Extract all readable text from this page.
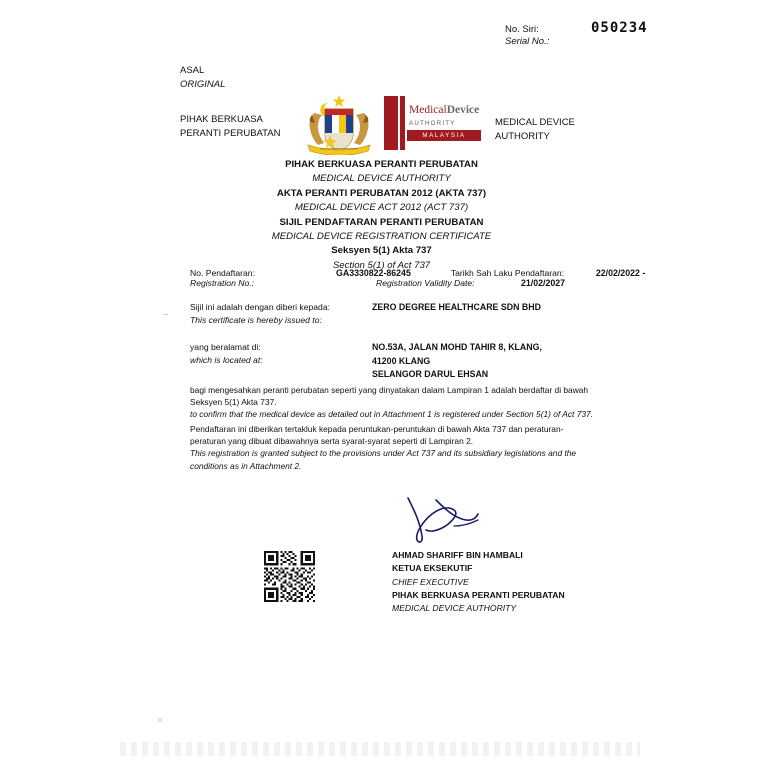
No. Siri:	050234
Serial No.:
ASAL
ORIGINAL
PIHAK BERKUASA
PERANTI PERUBATAN
MEDICAL DEVICE
AUTHORITY
MedicalDevice
AUTHORITY
MALAYSIA
PIHAK BERKUASA PERANTI PERUBATAN
MEDICAL DEVICE AUTHORITY
AKTA PERANTI PERUBATAN 2012 (AKTA 737)
MEDICAL DEVICE ACT 2012 (ACT 737)
SIJIL PENDAFTARAN PERANTI PERUBATAN
MEDICAL DEVICE REGISTRATION CERTIFICATE
Seksyen 5(1) Akta 737
Section 5(1) of Act 737
No. Pendaftaran:	GA3330822-86245	Tarikh Sah Laku Pendaftaran:	22/02/2022 -
Registration No.:	Registration Validity Date:	21/02/2027
Sijil ini adalah dengan diberi kepada:
This certificate is hereby issued to:
ZERO DEGREE HEALTHCARE SDN BHD
yang beralamat di:
which is located at:
NO.53A, JALAN MOHD TAHIR 8, KLANG,
41200 KLANG
SELANGOR DARUL EHSAN
bagi mengesahkan peranti perubatan seperti yang dinyatakan dalam Lampiran 1 adalah berdaftar di bawah
Seksyen 5(1) Akta 737.
to confirm that the medical device as detailed out in Attachment 1 is registered under Section 5(1) of Act 737.
Pendaftaran ini diberikan tertakluk kepada peruntukan-peruntukan di bawah Akta 737 dan peraturan-
peraturan yang dibuat dibawahnya serta syarat-syarat seperti di Lampiran 2.
This registration is granted subject to the provisions under Act 737 and its subsidiary legislations and the
conditions as in Attachment 2.
AHMAD SHARIFF BIN HAMBALI
KETUA EKSEKUTIF
CHIEF EXECUTIVE
PIHAK BERKUASA PERANTI PERUBATAN
MEDICAL DEVICE AUTHORITY
